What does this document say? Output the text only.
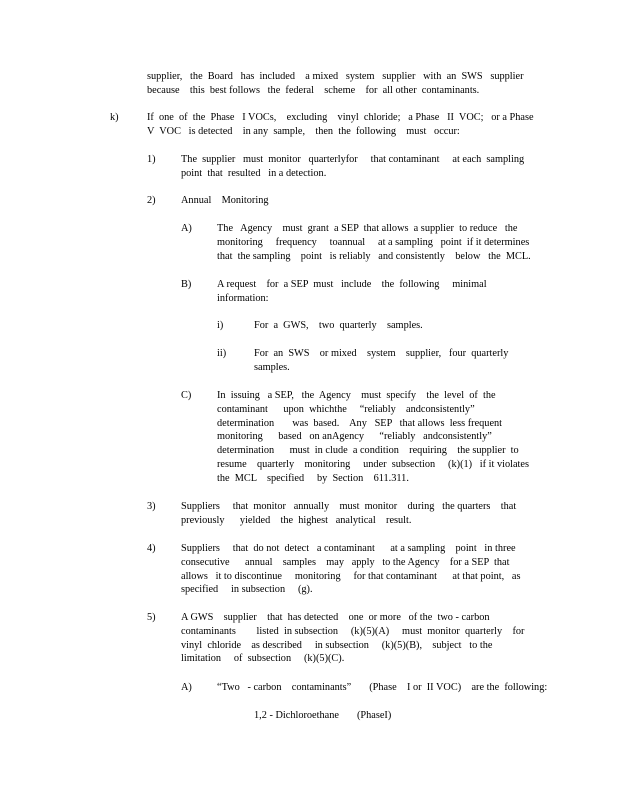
supplier,   the  Board   has  included    a mixed   system   supplier   with  an  SWS   supplier

because    this  best follows   the  federal    scheme    for  all other  contaminants.

k)	If  one  of  the  Phase   I VOCs,    excluding    vinyl  chloride;   a Phase   II  VOC;   or a Phase

V  VOC   is detected    in any  sample,    then  the  following    must   occur:

1) The  supplier   must  monitor   quarterlyfor     that contaminant     at each  sampling

point  that  resulted   in a detection.

2) Annual    Monitoring
A) The   Agency    must  grant  a SEP  that allows  a supplier  to reduce   the

monitoring     frequency     toannual     at a sampling   point  if it determines

that  the sampling    point   is reliably   and consistently    below   the  MCL.

B) A request    for  a SEP  must   include    the  following     minimal

information:

i)	For  a  GWS,    two  quarterly    samples.
ii)	For  an  SWS    or mixed    system    supplier,   four  quarterly

samples.

C) In  issuing   a SEP,   the  Agency    must  specify    the  level  of  the

contaminant      upon  whichthe     “reliably    andconsistently”

determination       was  based.    Any   SEP   that allows  less frequent

monitoring      based   on anAgency      “reliably   andconsistently”

determination      must  in clude  a condition    requiring    the supplier  to

resume    quarterly    monitoring     under  subsection     (k)(1)   if it violates

the  MCL    specified     by  Section    611.311.

3) Suppliers     that  monitor   annually    must  monitor    during   the quarters    that

previously      yielded    the  highest   analytical    result.

4) Suppliers     that  do not  detect   a contaminant      at a sampling    point   in three

consecutive      annual    samples    may   apply   to the Agency    for a SEP  that

allows   it to discontinue     monitoring     for that contaminant      at that point,   as

specified     in subsection     (g).

5) A GWS    supplier    that  has detected    one  or more   of the  two - carbon

contaminants        listed  in subsection     (k)(5)(A)     must  monitor  quarterly    for

vinyl  chloride    as described     in subsection     (k)(5)(B),    subject   to the

limitation     of  subsection     (k)(5)(C).

A) “Two   - carbon    contaminants”       (Phase    I or  II VOC)    are the  following:
1,2 - Dichloroethane       (PhaseI)
